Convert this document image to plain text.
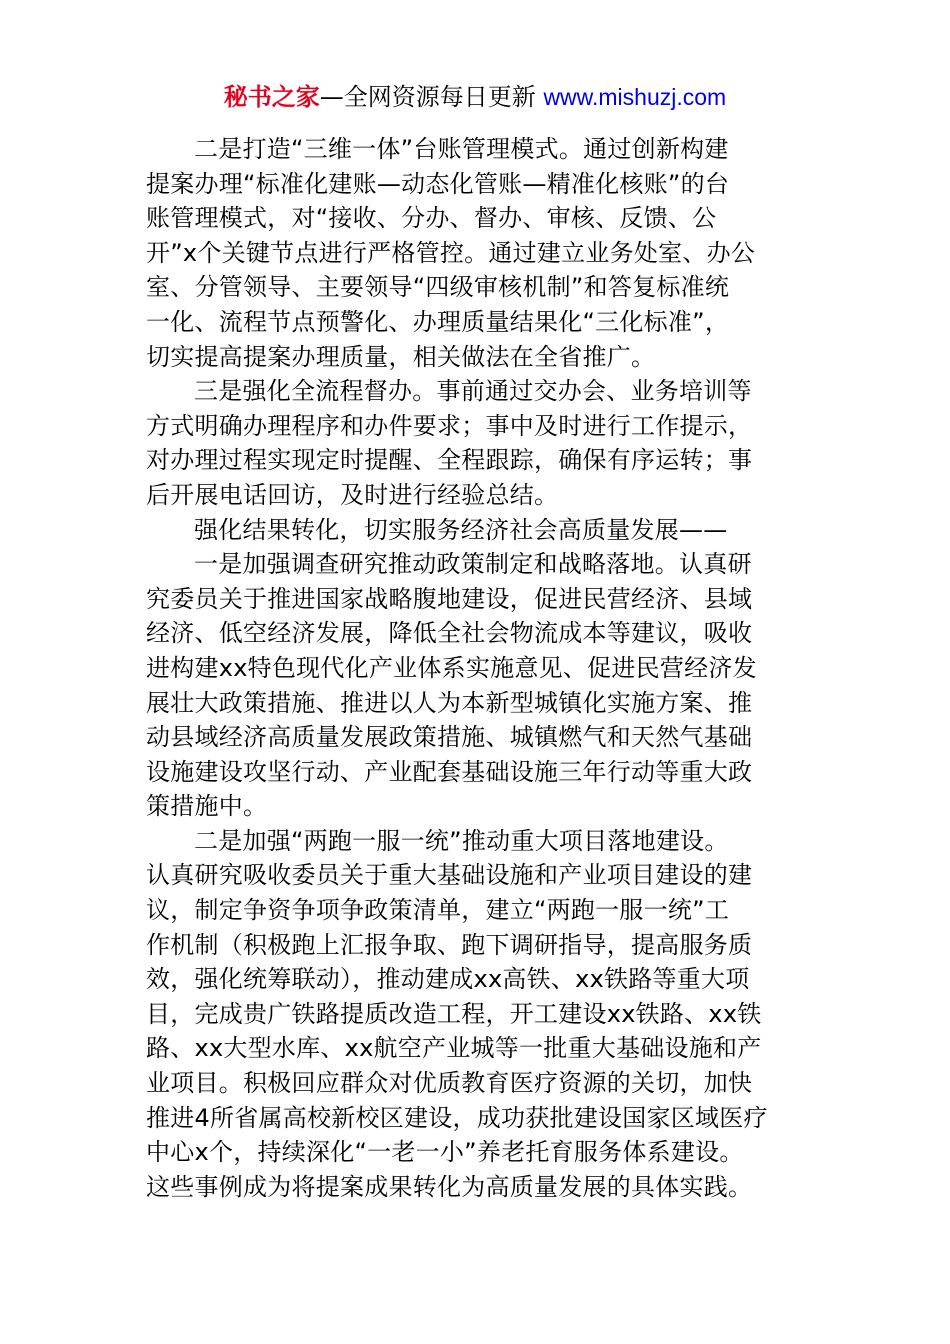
秘书之家—全网资源每日更新 www.mishuzj.com
二是打造“三维一体”台账管理模式。通过创新构建
提案办理“标准化建账—动态化管账—精准化核账”的台
账管理模式，对“接收、分办、督办、审核、反馈、公
开”x个关键节点进行严格管控。通过建立业务处室、办公
室、分管领导、主要领导“四级审核机制”和答复标准统
一化、流程节点预警化、办理质量结果化“三化标准”，
切实提高提案办理质量，相关做法在全省推广。
三是强化全流程督办。事前通过交办会、业务培训等
方式明确办理程序和办件要求；事中及时进行工作提示，
对办理过程实现定时提醒、全程跟踪，确保有序运转；事
后开展电话回访，及时进行经验总结。
强化结果转化，切实服务经济社会高质量发展——
一是加强调查研究推动政策制定和战略落地。认真研
究委员关于推进国家战略腹地建设，促进民营经济、县域
经济、低空经济发展，降低全社会物流成本等建议，吸收
进构建xx特色现代化产业体系实施意见、促进民营经济发
展壮大政策措施、推进以人为本新型城镇化实施方案、推
动县域经济高质量发展政策措施、城镇燃气和天然气基础
设施建设攻坚行动、产业配套基础设施三年行动等重大政
策措施中。
二是加强“两跑一服一统”推动重大项目落地建设。
认真研究吸收委员关于重大基础设施和产业项目建设的建
议，制定争资争项争政策清单，建立“两跑一服一统”工
作机制（积极跑上汇报争取、跑下调研指导，提高服务质
效，强化统筹联动），推动建成xx高铁、xx铁路等重大项
目，完成贵广铁路提质改造工程，开工建设xx铁路、xx铁
路、xx大型水库、xx航空产业城等一批重大基础设施和产
业项目。积极回应群众对优质教育医疗资源的关切，加快
推进4所省属高校新校区建设，成功获批建设国家区域医疗
中心x个，持续深化“一老一小”养老托育服务体系建设。
这些事例成为将提案成果转化为高质量发展的具体实践。
